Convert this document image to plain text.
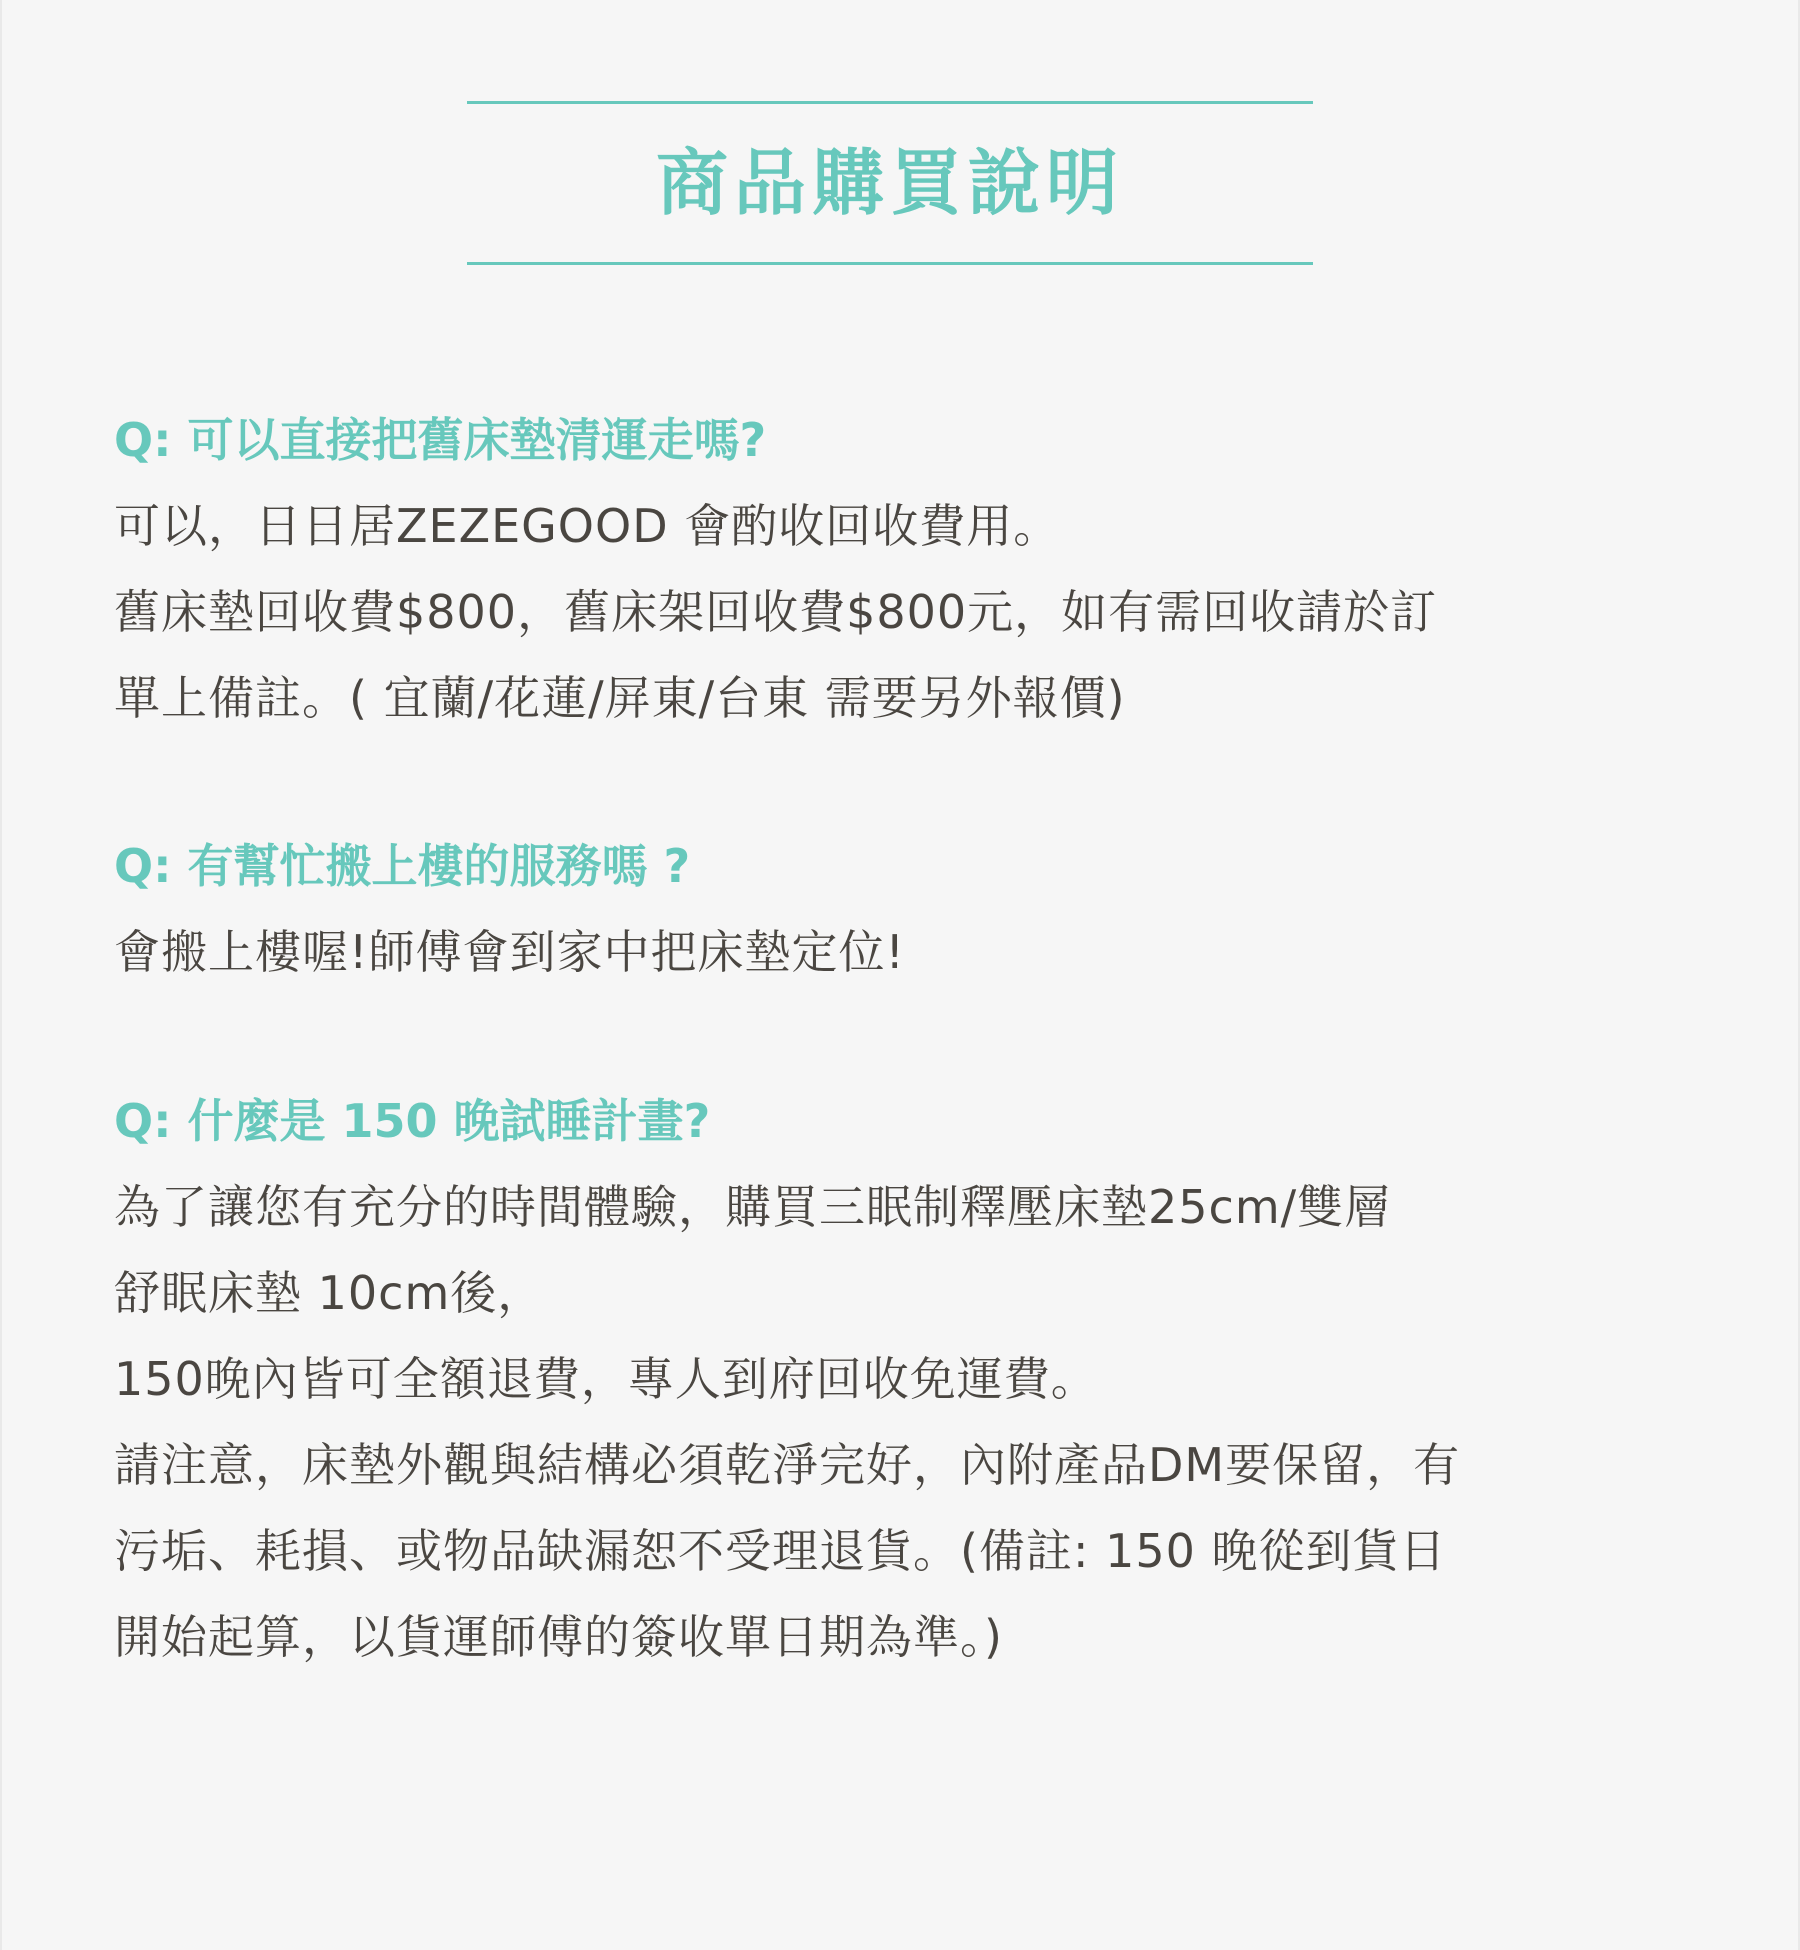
商品購買說明

Q: 可以直接把舊床墊清運走嗎?

可以，日日居ZEZEGOOD 會酌收回收費用。

舊床墊回收費$800，舊床架回收費$800元，如有需回收請於訂

單上備註。( 宜蘭/花蓮/屏東/台東 需要另外報價)

Q: 有幫忙搬上樓的服務嗎 ?

會搬上樓喔!師傅會到家中把床墊定位!

Q: 什麼是 150 晚試睡計畫?

為了讓您有充分的時間體驗，購買三眠制釋壓床墊25cm/雙層

舒眠床墊 10cm後，

150晚內皆可全額退費，專人到府回收免運費。

請注意，床墊外觀與結構必須乾淨完好，內附產品DM要保留，有

污垢、耗損、或物品缺漏恕不受理退貨。(備註: 150 晚從到貨日

開始起算，以貨運師傅的簽收單日期為準。)
